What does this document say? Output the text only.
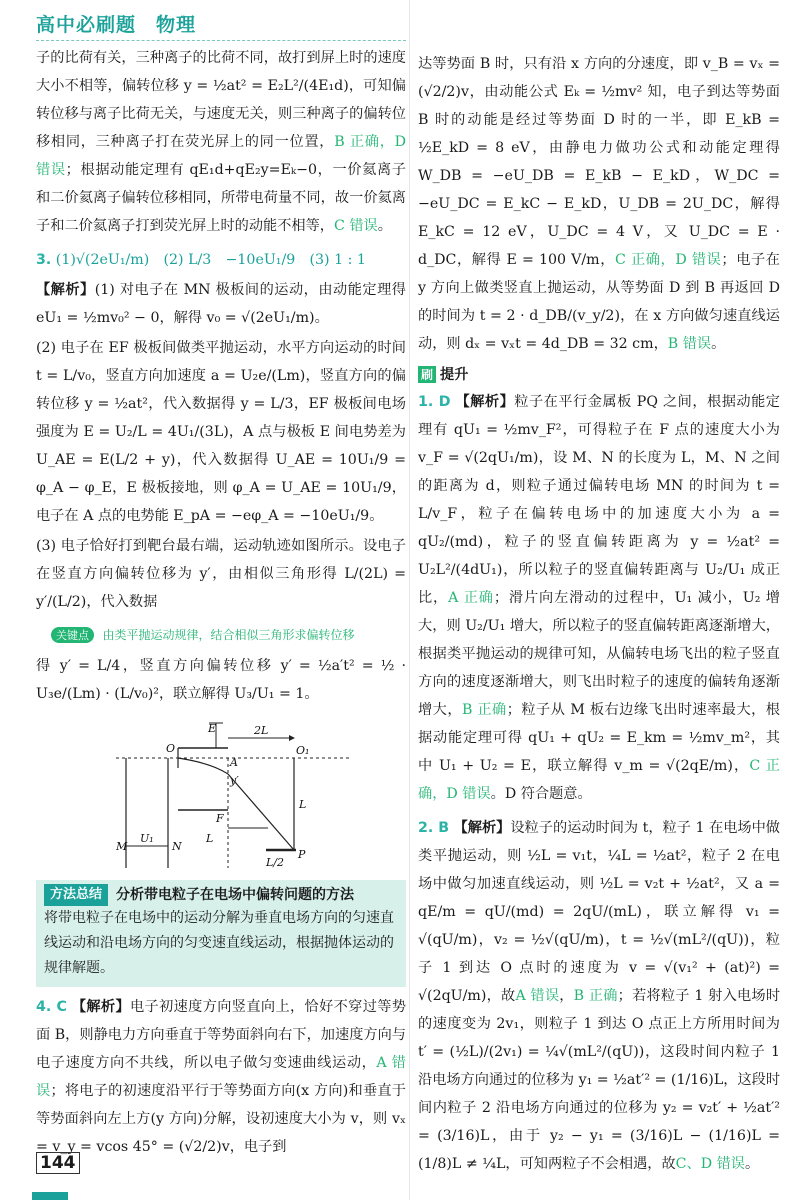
高中必刷题　物理

子的比荷有关，三种离子的比荷不同，故打到屏上时的速度大小不相等，偏转位移 y = ½at² = E₂L²/(4E₁d)，可知偏转位移与离子比荷无关，与速度无关，则三种离子的偏转位移相同，三种离子打在荧光屏上的同一位置，B 正确，D 错误；根据动能定理有 qE₁d+qE₂y=Eₖ−0，一价氦离子和二价氦离子偏转位移相同，所带电荷量不同，故一价氦离子和二价氦离子打到荧光屏上时的动能不相等，C 错误。

3. (1)√(2eU₁/m)　(2) L/3　−10eU₁/9　(3) 1 : 1

【解析】(1) 对电子在 MN 极板间的运动，由动能定理得 eU₁ = ½mv₀² − 0，解得 v₀ = √(2eU₁/m)。

(2) 电子在 EF 极板间做类平抛运动，水平方向运动的时间 t = L/v₀，竖直方向加速度 a = U₂e/(Lm)，竖直方向的偏转位移 y = ½at²，代入数据得 y = L/3，EF 极板间电场强度为 E = U₂/L = 4U₁/(3L)，A 点与极板 E 间电势差为 U_AE = E(L/2 + y)，代入数据得 U_AE = 10U₁/9 = φ_A − φ_E，E 极板接地，则 φ_A = U_AE = 10U₁/9，电子在 A 点的电势能 E_pA = −eφ_A = −10eU₁/9。

(3) 电子恰好打到靶台最右端，运动轨迹如图所示。设电子在竖直方向偏转位移为 y′，由相似三角形得 L/(2L) = y′/(L/2)，代入数据

关键点 由类平抛运动规律，结合相似三角形求偏转位移

得 y′ = L/4，竖直方向偏转位移 y′ = ½a′t² = ½ · U₃e/(Lm) · (L/v₀)²，联立解得 U₃/U₁ = 1。

E	2L
O₁
O
A
L
N
M
U₁
F
L
y′
P
L/2
方法总结	分析带电粒子在电场中偏转问题的方法
将带电粒子在电场中的运动分解为垂直电场方向的匀速直线运动和沿电场方向的匀变速直线运动，根据抛体运动的规律解题。

4. C 【解析】电子初速度方向竖直向上，恰好不穿过等势面 B，则静电力方向垂直于等势面斜向右下，加速度方向与电子速度方向不共线，所以电子做匀变速曲线运动，A 错误；将电子的初速度沿平行于等势面方向(x 方向)和垂直于等势面斜向左上方(y 方向)分解，设初速度大小为 v，则 vₓ = v_y = vcos 45° = (√2/2)v，电子到

达等势面 B 时，只有沿 x 方向的分速度，即 v_B = vₓ = (√2/2)v，由动能公式 Eₖ = ½mv² 知，电子到达等势面 B 时的动能是经过等势面 D 时的一半，即 E_kB = ½E_kD = 8 eV，由静电力做功公式和动能定理得 W_DB = −eU_DB = E_kB − E_kD，W_DC = −eU_DC = E_kC − E_kD，U_DB = 2U_DC，解得 E_kC = 12 eV，U_DC = 4 V，又 U_DC = E · d_DC，解得 E = 100 V/m，C 正确，D 错误；电子在 y 方向上做类竖直上抛运动，从等势面 D 到 B 再返回 D 的时间为 t = 2 · d_DB/(v_y/2)，在 x 方向做匀速直线运动，则 dₓ = vₓt = 4d_DB = 32 cm，B 错误。

刷 提升

1. D 【解析】粒子在平行金属板 PQ 之间，根据动能定理有 qU₁ = ½mv_F²，可得粒子在 F 点的速度大小为 v_F = √(2qU₁/m)，设 M、N 的长度为 L，M、N 之间的距离为 d，则粒子通过偏转电场 MN 的时间为 t = L/v_F，粒子在偏转电场中的加速度大小为 a = qU₂/(md)，粒子的竖直偏转距离为 y = ½at² = U₂L²/(4dU₁)，所以粒子的竖直偏转距离与 U₂/U₁ 成正比，A 正确；滑片向左滑动的过程中，U₁ 减小，U₂ 增大，则 U₂/U₁ 增大，所以粒子的竖直偏转距离逐渐增大，根据类平抛运动的规律可知，从偏转电场飞出的粒子竖直方向的速度逐渐增大，则飞出时粒子的速度的偏转角逐渐增大，B 正确；粒子从 M 板右边缘飞出时速率最大，根据动能定理可得 qU₁ + qU₂ = E_km = ½mv_m²，其中 U₁ + U₂ = E，联立解得 v_m = √(2qE/m)，C 正确，D 错误。D 符合题意。

2. B 【解析】设粒子的运动时间为 t，粒子 1 在电场中做类平抛运动，则 ½L = v₁t，¼L = ½at²，粒子 2 在电场中做匀加速直线运动，则 ½L = v₂t + ½at²，又 a = qE/m = qU/(md) = 2qU/(mL)，联立解得 v₁ = √(qU/m)，v₂ = ½√(qU/m)，t = ½√(mL²/(qU))，粒子 1 到达 O 点时的速度为 v = √(v₁² + (at)²) = √(2qU/m)，故A 错误，B 正确；若将粒子 1 射入电场时的速度变为 2v₁，则粒子 1 到达 O 点正上方所用时间为 t′ = (½L)/(2v₁) = ¼√(mL²/(qU))，这段时间内粒子 1 沿电场方向通过的位移为 y₁ = ½at′² = (1/16)L，这段时间内粒子 2 沿电场方向通过的位移为 y₂ = v₂t′ + ½at′² = (3/16)L，由于 y₂ − y₁ = (3/16)L − (1/16)L = (1/8)L ≠ ¼L，可知两粒子不会相遇，故C、D 错误。

144
